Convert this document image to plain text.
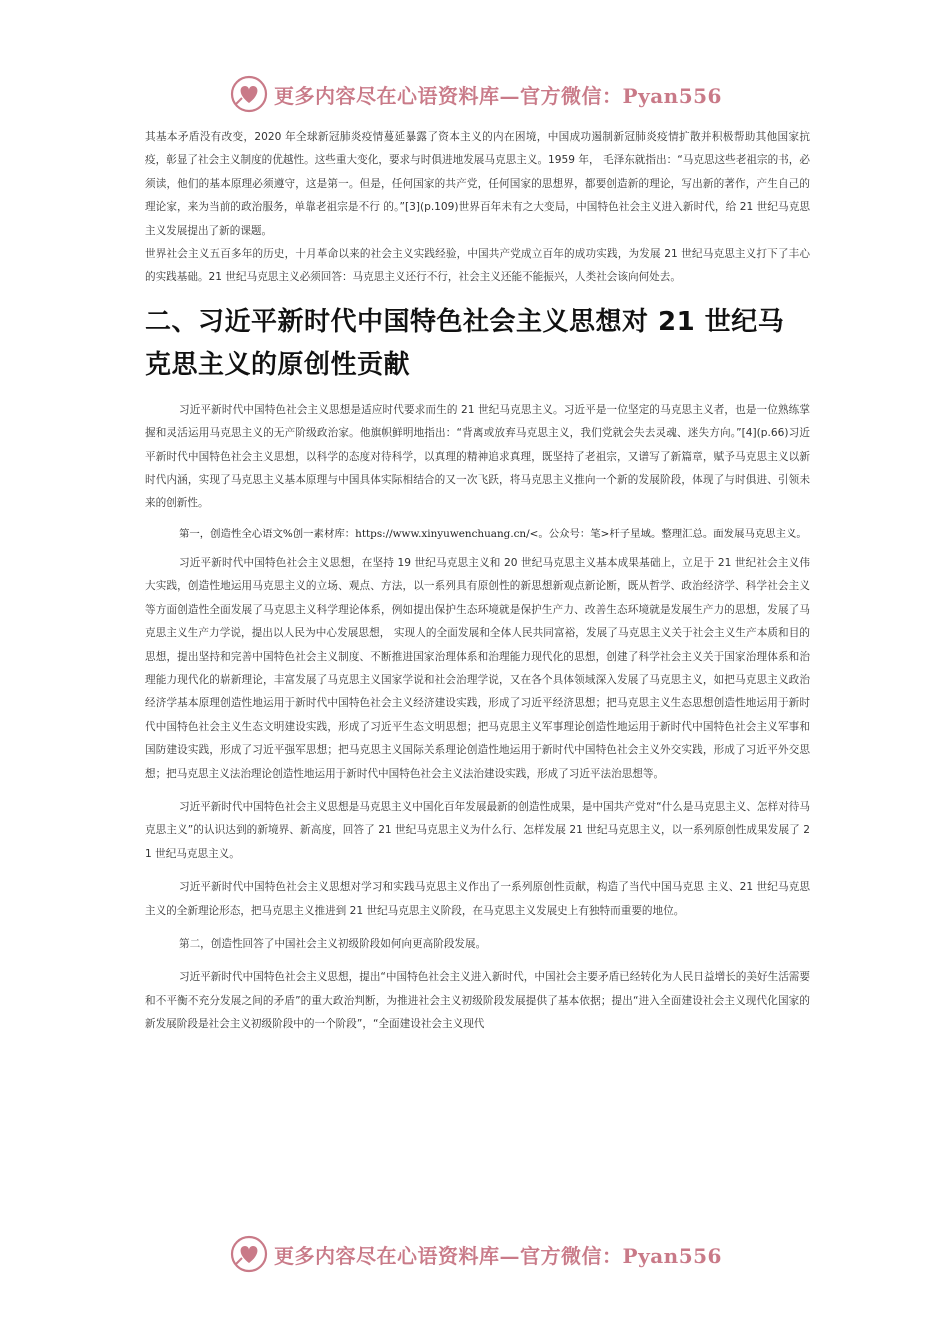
更多内容尽在心语资料库—官方微信：Pyan556

其基本矛盾没有改变，2020 年全球新冠肺炎疫情蔓延暴露了资本主义的内在困境，中国成功遏制新冠肺炎疫情扩散并积极帮助其他国家抗疫，彰显了社会主义制度的优越性。这些重大变化，要求与时俱进地发展马克思主义。1959 年， 毛泽东就指出：“马克思这些老祖宗的书，必须读，他们的基本原理必须遵守，这是第一。但是，任何国家的共产党，任何国家的思想界，都要创造新的理论，写出新的著作，产生自己的理论家，来为当前的政治服务，单靠老祖宗是不行 的。”[3](p.109)世界百年未有之大变局，中国特色社会主义进入新时代，给 21 世纪马克思主义发展提出了新的课题。

世界社会主义五百多年的历史，十月革命以来的社会主义实践经验，中国共产党成立百年的成功实践，为发展 21 世纪马克思主义打下了丰心的实践基础。21 世纪马克思主义必须回答：马克思主义还行不行，社会主义还能不能振兴，人类社会该向何处去。

二、习近平新时代中国特色社会主义思想对 21 世纪马克思主义的原创性贡献

习近平新时代中国特色社会主义思想是适应时代要求而生的 21 世纪马克思主义。习近平是一位坚定的马克思主义者，也是一位熟练掌握和灵活运用马克思主义的无产阶级政治家。他旗帜鲜明地指出：“背离或放弃马克思主义，我们党就会失去灵魂、迷失方向。”[4](p.66)习近平新时代中国特色社会主义思想，以科学的态度对待科学，以真理的精神追求真理，既坚持了老祖宗，又谱写了新篇章，赋予马克思主义以新时代内涵，实现了马克思主义基本原理与中国具体实际相结合的又一次飞跃，将马克思主义推向一个新的发展阶段，体现了与时俱进、引领未来的创新性。

第一，创造性全心语文%创一素材库：https://www.xinyuwenchuang.cn/<。公众号：笔>杆子星域。整理汇总。面发展马克思主义。

习近平新时代中国特色社会主义思想，在坚持 19 世纪马克思主义和 20 世纪马克思主义基本成果基础上，立足于 21 世纪社会主义伟大实践，创造性地运用马克思主义的立场、观点、方法，以一系列具有原创性的新思想新观点新论断，既从哲学、政治经济学、科学社会主义等方面创造性全面发展了马克思主义科学理论体系，例如提出保护生态环境就是保护生产力、改善生态环境就是发展生产力的思想，发展了马克思主义生产力学说，提出以人民为中心发展思想， 实现人的全面发展和全体人民共同富裕，发展了马克思主义关于社会主义生产本质和目的思想，提出坚持和完善中国特色社会主义制度、不断推进国家治理体系和治理能力现代化的思想，创建了科学社会主义关于国家治理体系和治理能力现代化的崭新理论，丰富发展了马克思主义国家学说和社会治理学说，又在各个具体领域深入发展了马克思主义，如把马克思主义政治经济学基本原理创造性地运用于新时代中国特色社会主义经济建设实践，形成了习近平经济思想；把马克思主义生态思想创造性地运用于新时代中国特色社会主义生态文明建设实践，形成了习近平生态文明思想；把马克思主义军事理论创造性地运用于新时代中国特色社会主义军事和国防建设实践，形成了习近平强军思想；把马克思主义国际关系理论创造性地运用于新时代中国特色社会主义外交实践，形成了习近平外交思想；把马克思主义法治理论创造性地运用于新时代中国特色社会主义法治建设实践，形成了习近平法治思想等。

习近平新时代中国特色社会主义思想是马克思主义中国化百年发展最新的创造性成果，是中国共产党对“什么是马克思主义、怎样对待马克思主义”的认识达到的新境界、新高度，回答了 21 世纪马克思主义为什么行、怎样发展 21 世纪马克思主义，以一系列原创性成果发展了 21 世纪马克思主义。

习近平新时代中国特色社会主义思想对学习和实践马克思主义作出了一系列原创性贡献，构造了当代中国马克思 主义、21 世纪马克思主义的全新理论形态，把马克思主义推进到 21 世纪马克思主义阶段，在马克思主义发展史上有独特而重要的地位。

第二，创造性回答了中国社会主义初级阶段如何向更高阶段发展。

习近平新时代中国特色社会主义思想，提出“中国特色社会主义进入新时代，中国社会主要矛盾已经转化为人民日益增长的美好生活需要和不平衡不充分发展之间的矛盾”的重大政治判断，为推进社会主义初级阶段发展提供了基本依据；提出“进入全面建设社会主义现代化国家的新发展阶段是社会主义初级阶段中的一个阶段”，“全面建设社会主义现代

更多内容尽在心语资料库—官方微信：Pyan556
